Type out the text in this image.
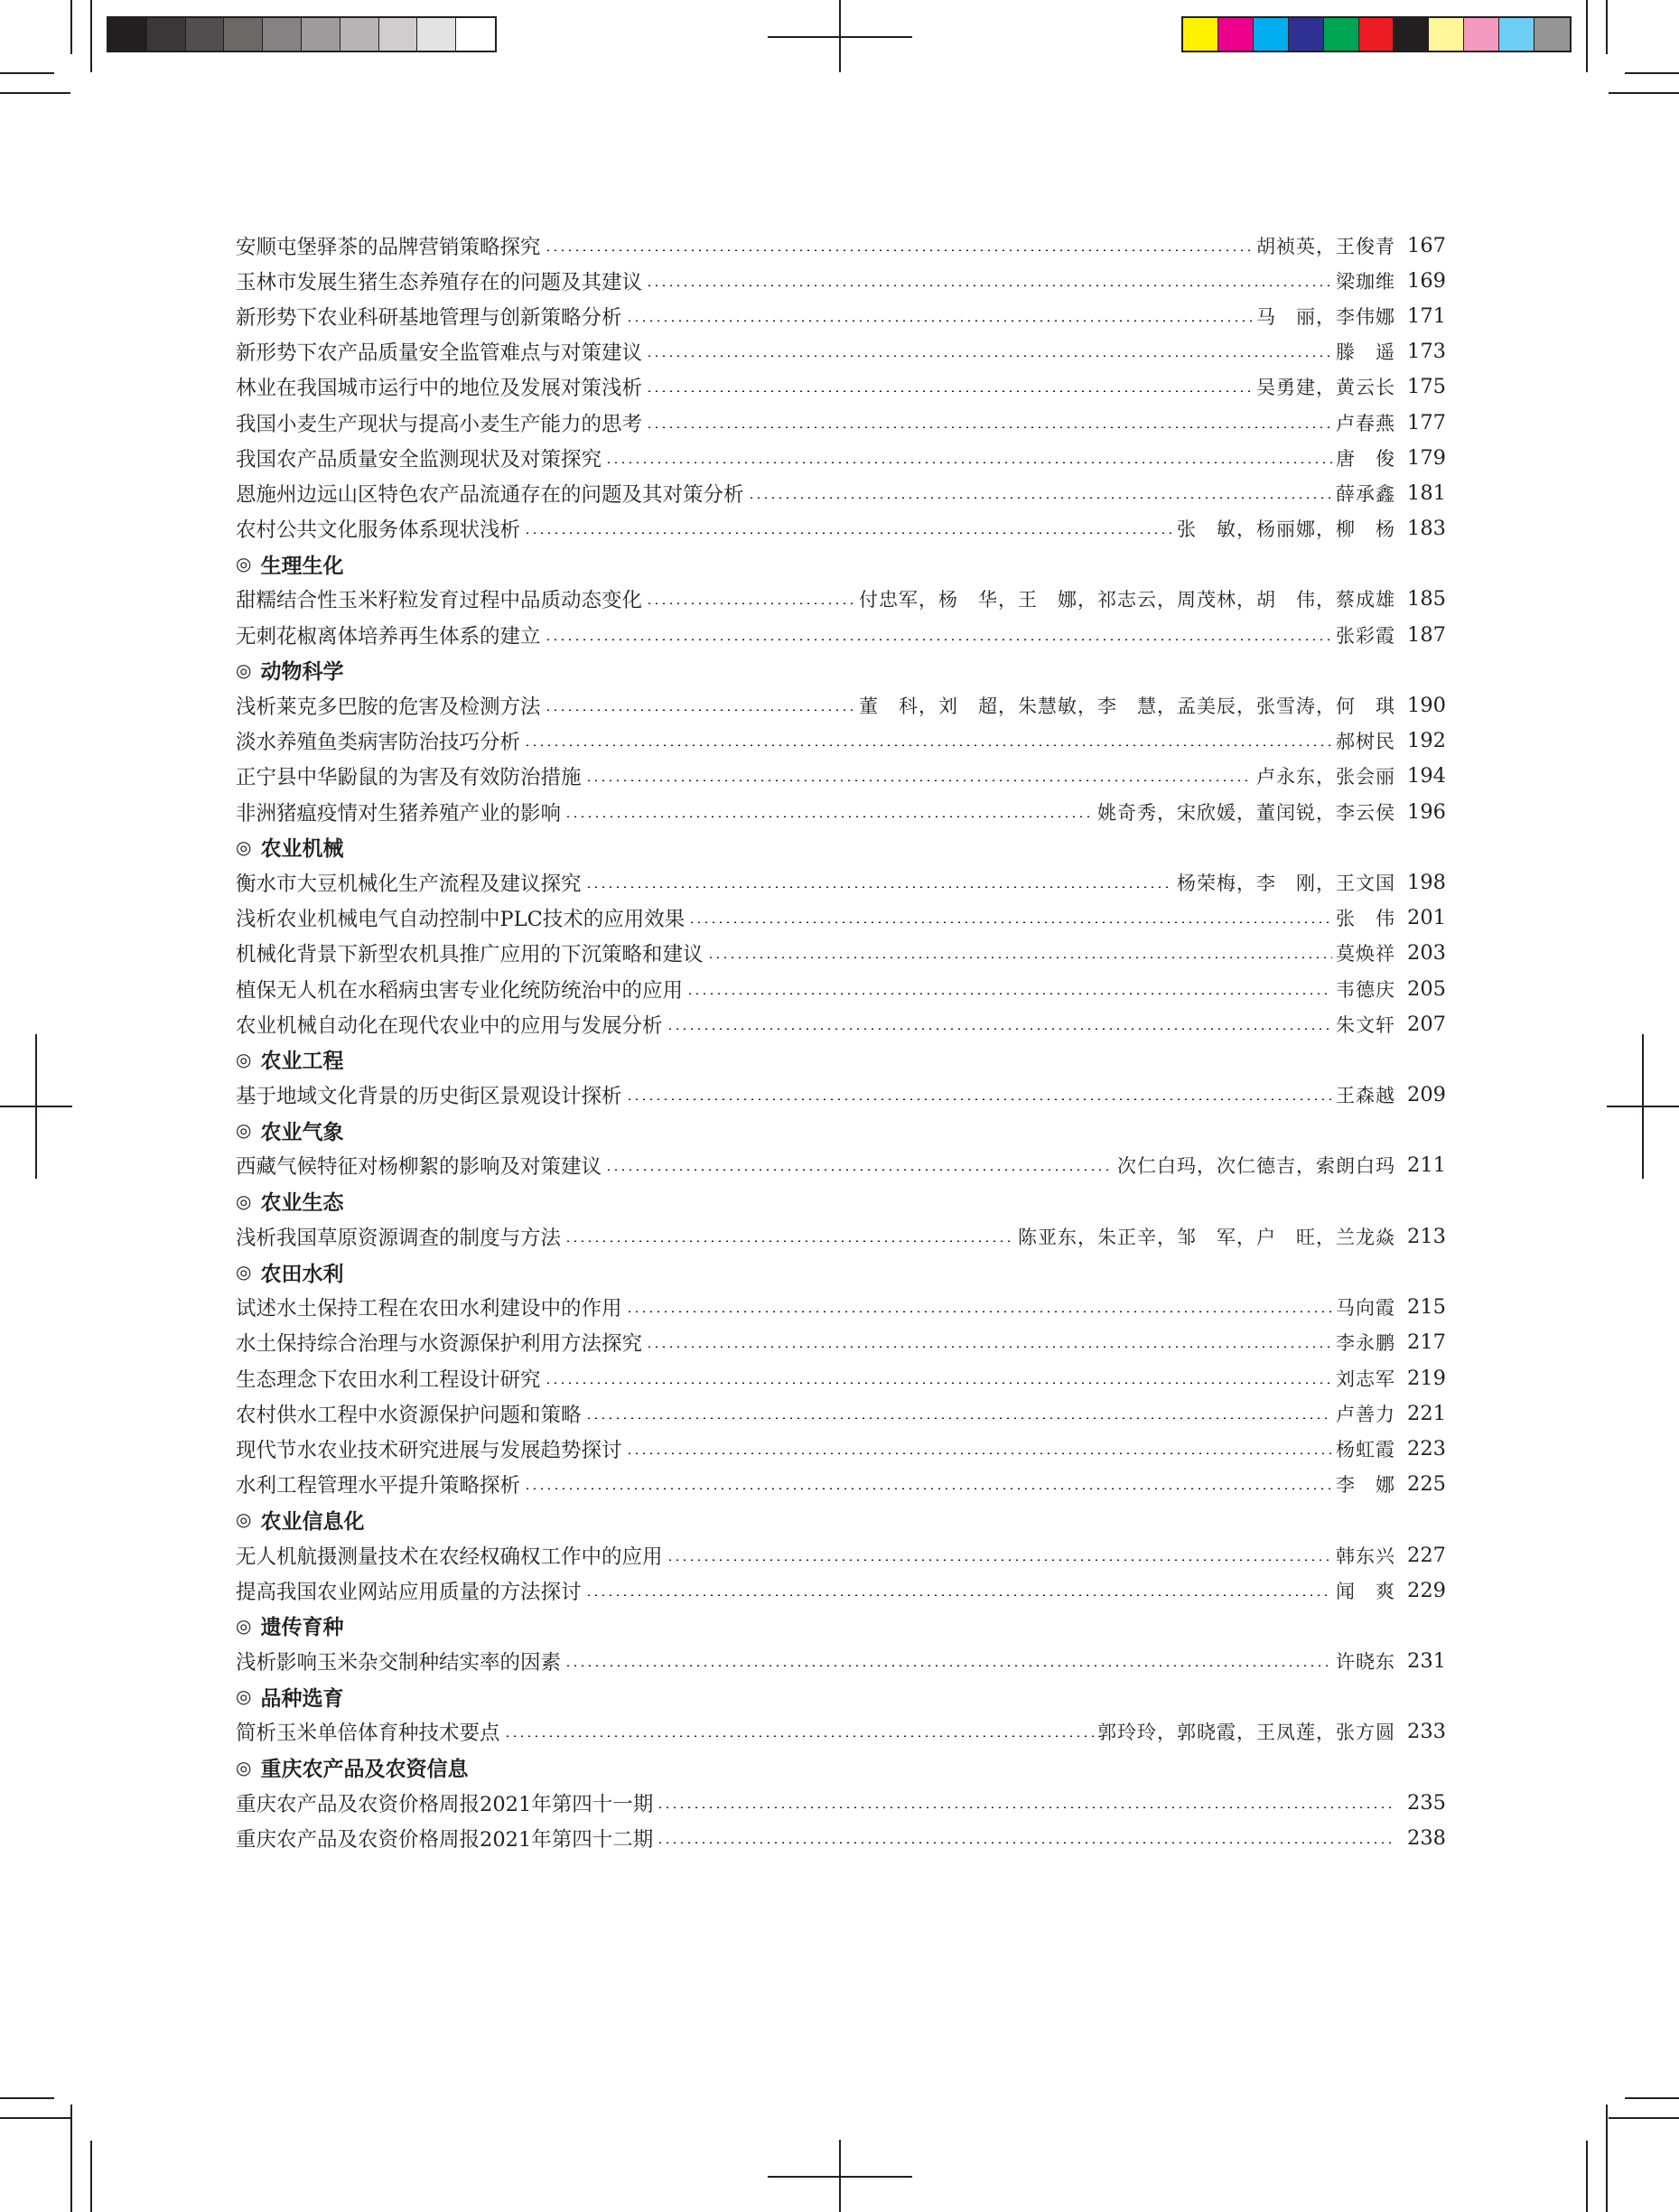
安顺屯堡驿茶的品牌营销策略探究	胡祯英，王俊青 167
玉林市发展生猪生态养殖存在的问题及其建议	梁珈维 169
新形势下农业科研基地管理与创新策略分析	马　丽，李伟娜 171
新形势下农产品质量安全监管难点与对策建议	滕　遥 173
林业在我国城市运行中的地位及发展对策浅析	吴勇建，黄云长 175
我国小麦生产现状与提高小麦生产能力的思考	卢春燕 177
我国农产品质量安全监测现状及对策探究	唐　俊 179
恩施州边远山区特色农产品流通存在的问题及其对策分析	薛承鑫 181
农村公共文化服务体系现状浅析	张　敏，杨丽娜，柳　杨 183
◎ 生理生化
甜糯结合性玉米籽粒发育过程中品质动态变化	付忠军，杨　华，王　娜，祁志云，周茂林，胡　伟，蔡成雄 185
无刺花椒离体培养再生体系的建立	张彩霞 187
◎ 动物科学
浅析莱克多巴胺的危害及检测方法	董　科，刘　超，朱慧敏，李　慧，孟美辰，张雪涛，何　琪 190
淡水养殖鱼类病害防治技巧分析	郝树民 192
正宁县中华鼢鼠的为害及有效防治措施	卢永东，张会丽 194
非洲猪瘟疫情对生猪养殖产业的影响	姚奇秀，宋欣媛，董闰锐，李云侯 196
◎ 农业机械
衡水市大豆机械化生产流程及建议探究	杨荣梅，李　刚，王文国 198
浅析农业机械电气自动控制中PLC技术的应用效果	张　伟 201
机械化背景下新型农机具推广应用的下沉策略和建议	莫焕祥 203
植保无人机在水稻病虫害专业化统防统治中的应用	韦德庆 205
农业机械自动化在现代农业中的应用与发展分析	朱文轩 207
◎ 农业工程
基于地域文化背景的历史街区景观设计探析	王森越 209
◎ 农业气象
西藏气候特征对杨柳絮的影响及对策建议	次仁白玛，次仁德吉，索朗白玛 211
◎ 农业生态
浅析我国草原资源调查的制度与方法	陈亚东，朱正辛，邹　军，户　旺，兰龙焱 213
◎ 农田水利
试述水土保持工程在农田水利建设中的作用	马向霞 215
水土保持综合治理与水资源保护利用方法探究	李永鹏 217
生态理念下农田水利工程设计研究	刘志军 219
农村供水工程中水资源保护问题和策略	卢善力 221
现代节水农业技术研究进展与发展趋势探讨	杨虹霞 223
水利工程管理水平提升策略探析	李　娜 225
◎ 农业信息化
无人机航摄测量技术在农经权确权工作中的应用	韩东兴 227
提高我国农业网站应用质量的方法探讨	闻　爽 229
◎ 遗传育种
浅析影响玉米杂交制种结实率的因素	许晓东 231
◎ 品种选育
简析玉米单倍体育种技术要点	郭玲玲，郭晓霞，王凤莲，张方圆 233
◎ 重庆农产品及农资信息
重庆农产品及农资价格周报2021年第四十一期	235
重庆农产品及农资价格周报2021年第四十二期	238
